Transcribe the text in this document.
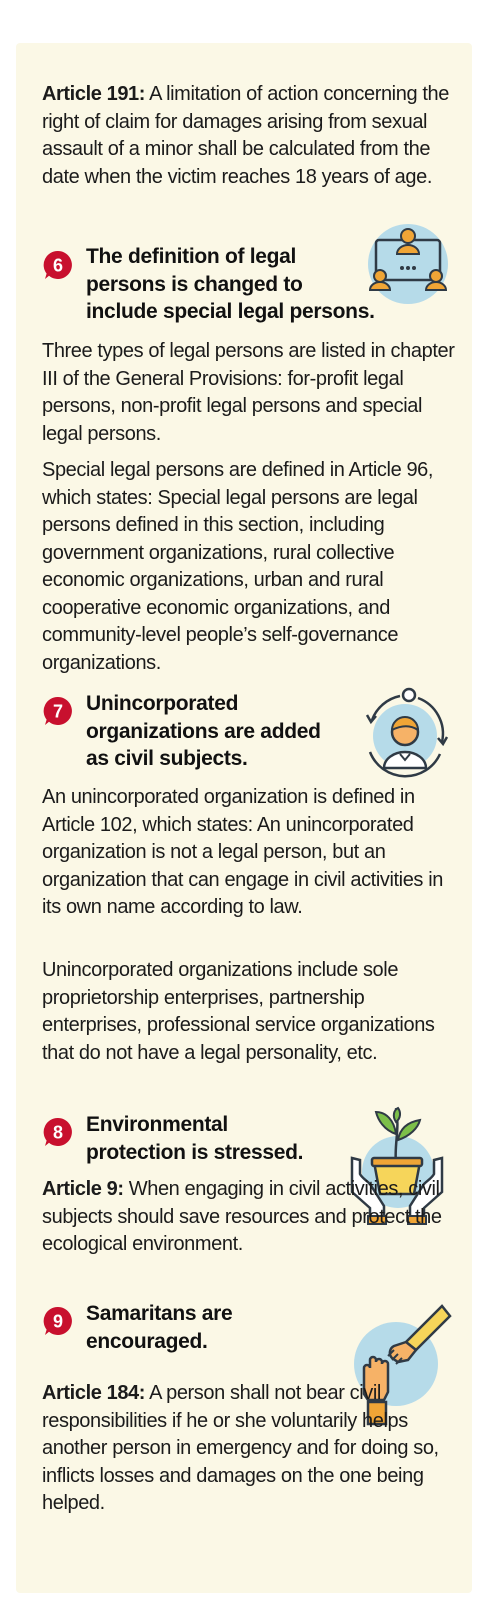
Article 191: A limitation of action concerning the right of claim for damages arising from sexual assault of a minor shall be calculated from the date when the victim reaches 18 years of age.
6 The definition of legal
persons is changed to
include special legal persons.
Three types of legal persons are listed in chapter III of the General Provisions: for-profit legal persons, non-profit legal persons and special legal persons.
Special legal persons are defined in Article 96, which states: Special legal persons are legal persons defined in this section, including government organizations, rural collective economic organizations, urban and rural cooperative economic organizations, and community-level people’s self-governance organizations.
7 Unincorporated
organizations are added
as civil subjects.
An unincorporated organization is defined in Article 102, which states: An unincorporated organization is not a legal person, but an organization that can engage in civil activities in its own name according to law.
Unincorporated organizations include sole proprietorship enterprises, partnership enterprises, professional service organizations that do not have a legal personality, etc.
8 Environmental
protection is stressed.
Article 9: When engaging in civil activities, civil subjects should save resources and protect the ecological environment.
9 Samaritans are
encouraged.
Article 184: A person shall not bear civil responsibilities if he or she voluntarily helps another person in emergency and for doing so, inflicts losses and damages on the one being helped.
